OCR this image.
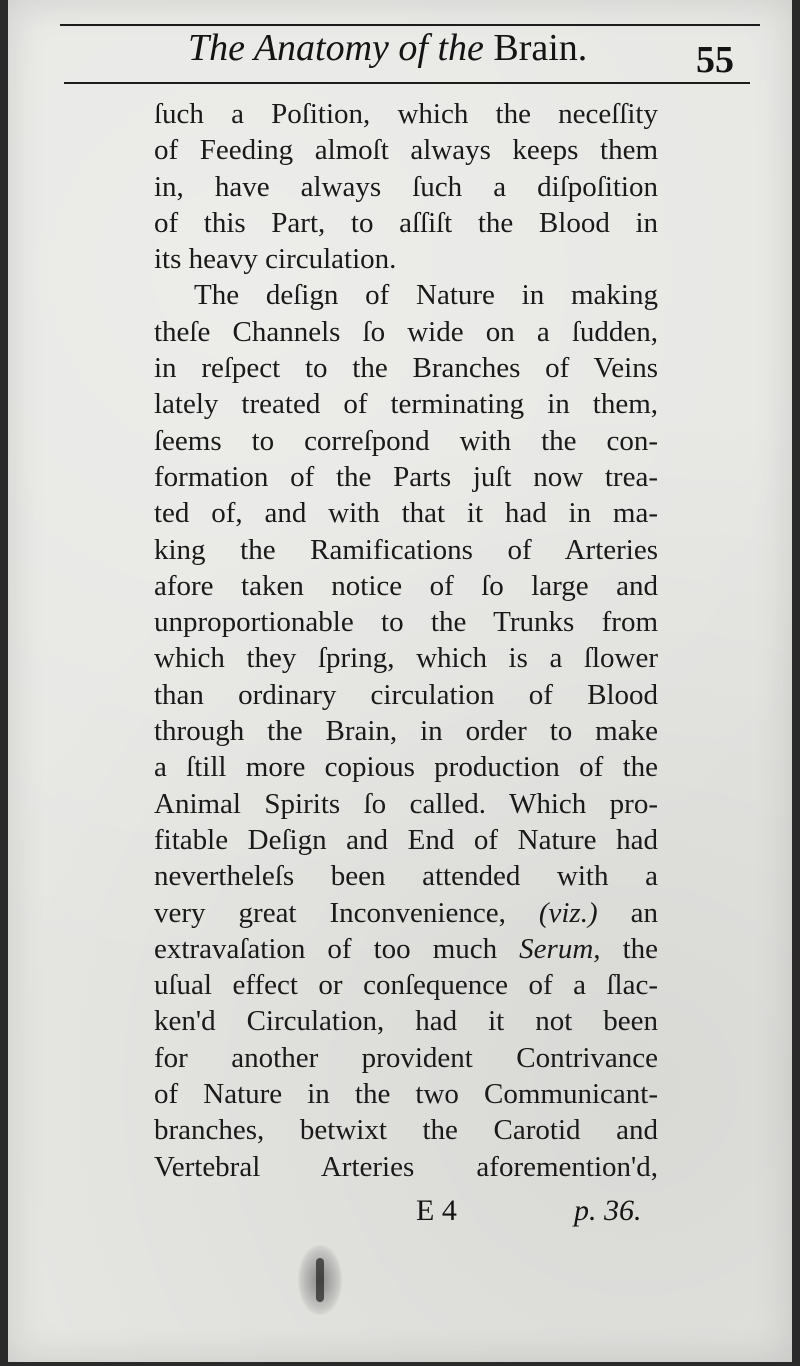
The Anatomy of the Brain.	55
ſuch a Poſition, which the neceſſity
of Feeding almoſt always keeps them
in, have always ſuch a diſpoſition
of this Part, to aſſiſt the Blood in
its heavy circulation.
The deſign of Nature in making
theſe Channels ſo wide on a ſudden,
in reſpect to the Branches of Veins
lately treated of terminating in them,
ſeems to correſpond with the con-
formation of the Parts juſt now trea-
ted of, and with that it had in ma-
king the Ramifications of Arteries
afore taken notice of ſo large and
unproportionable to the Trunks from
which they ſpring, which is a ſlower
than ordinary circulation of Blood
through the Brain, in order to make
a ſtill more copious production of the
Animal Spirits ſo called. Which pro-
fitable Deſign and End of Nature had
neverthelеſs been attended with a
very great Inconvenience, (viz.) an
extravaſation of too much Serum, the
uſual effect or conſequence of a ſlac-
ken'd Circulation, had it not been
for another provident Contrivance
of Nature in the two Communicant-
branches, betwixt the Carotid and
Vertebral Arteries aforemention'd,
E 4	p. 36.
